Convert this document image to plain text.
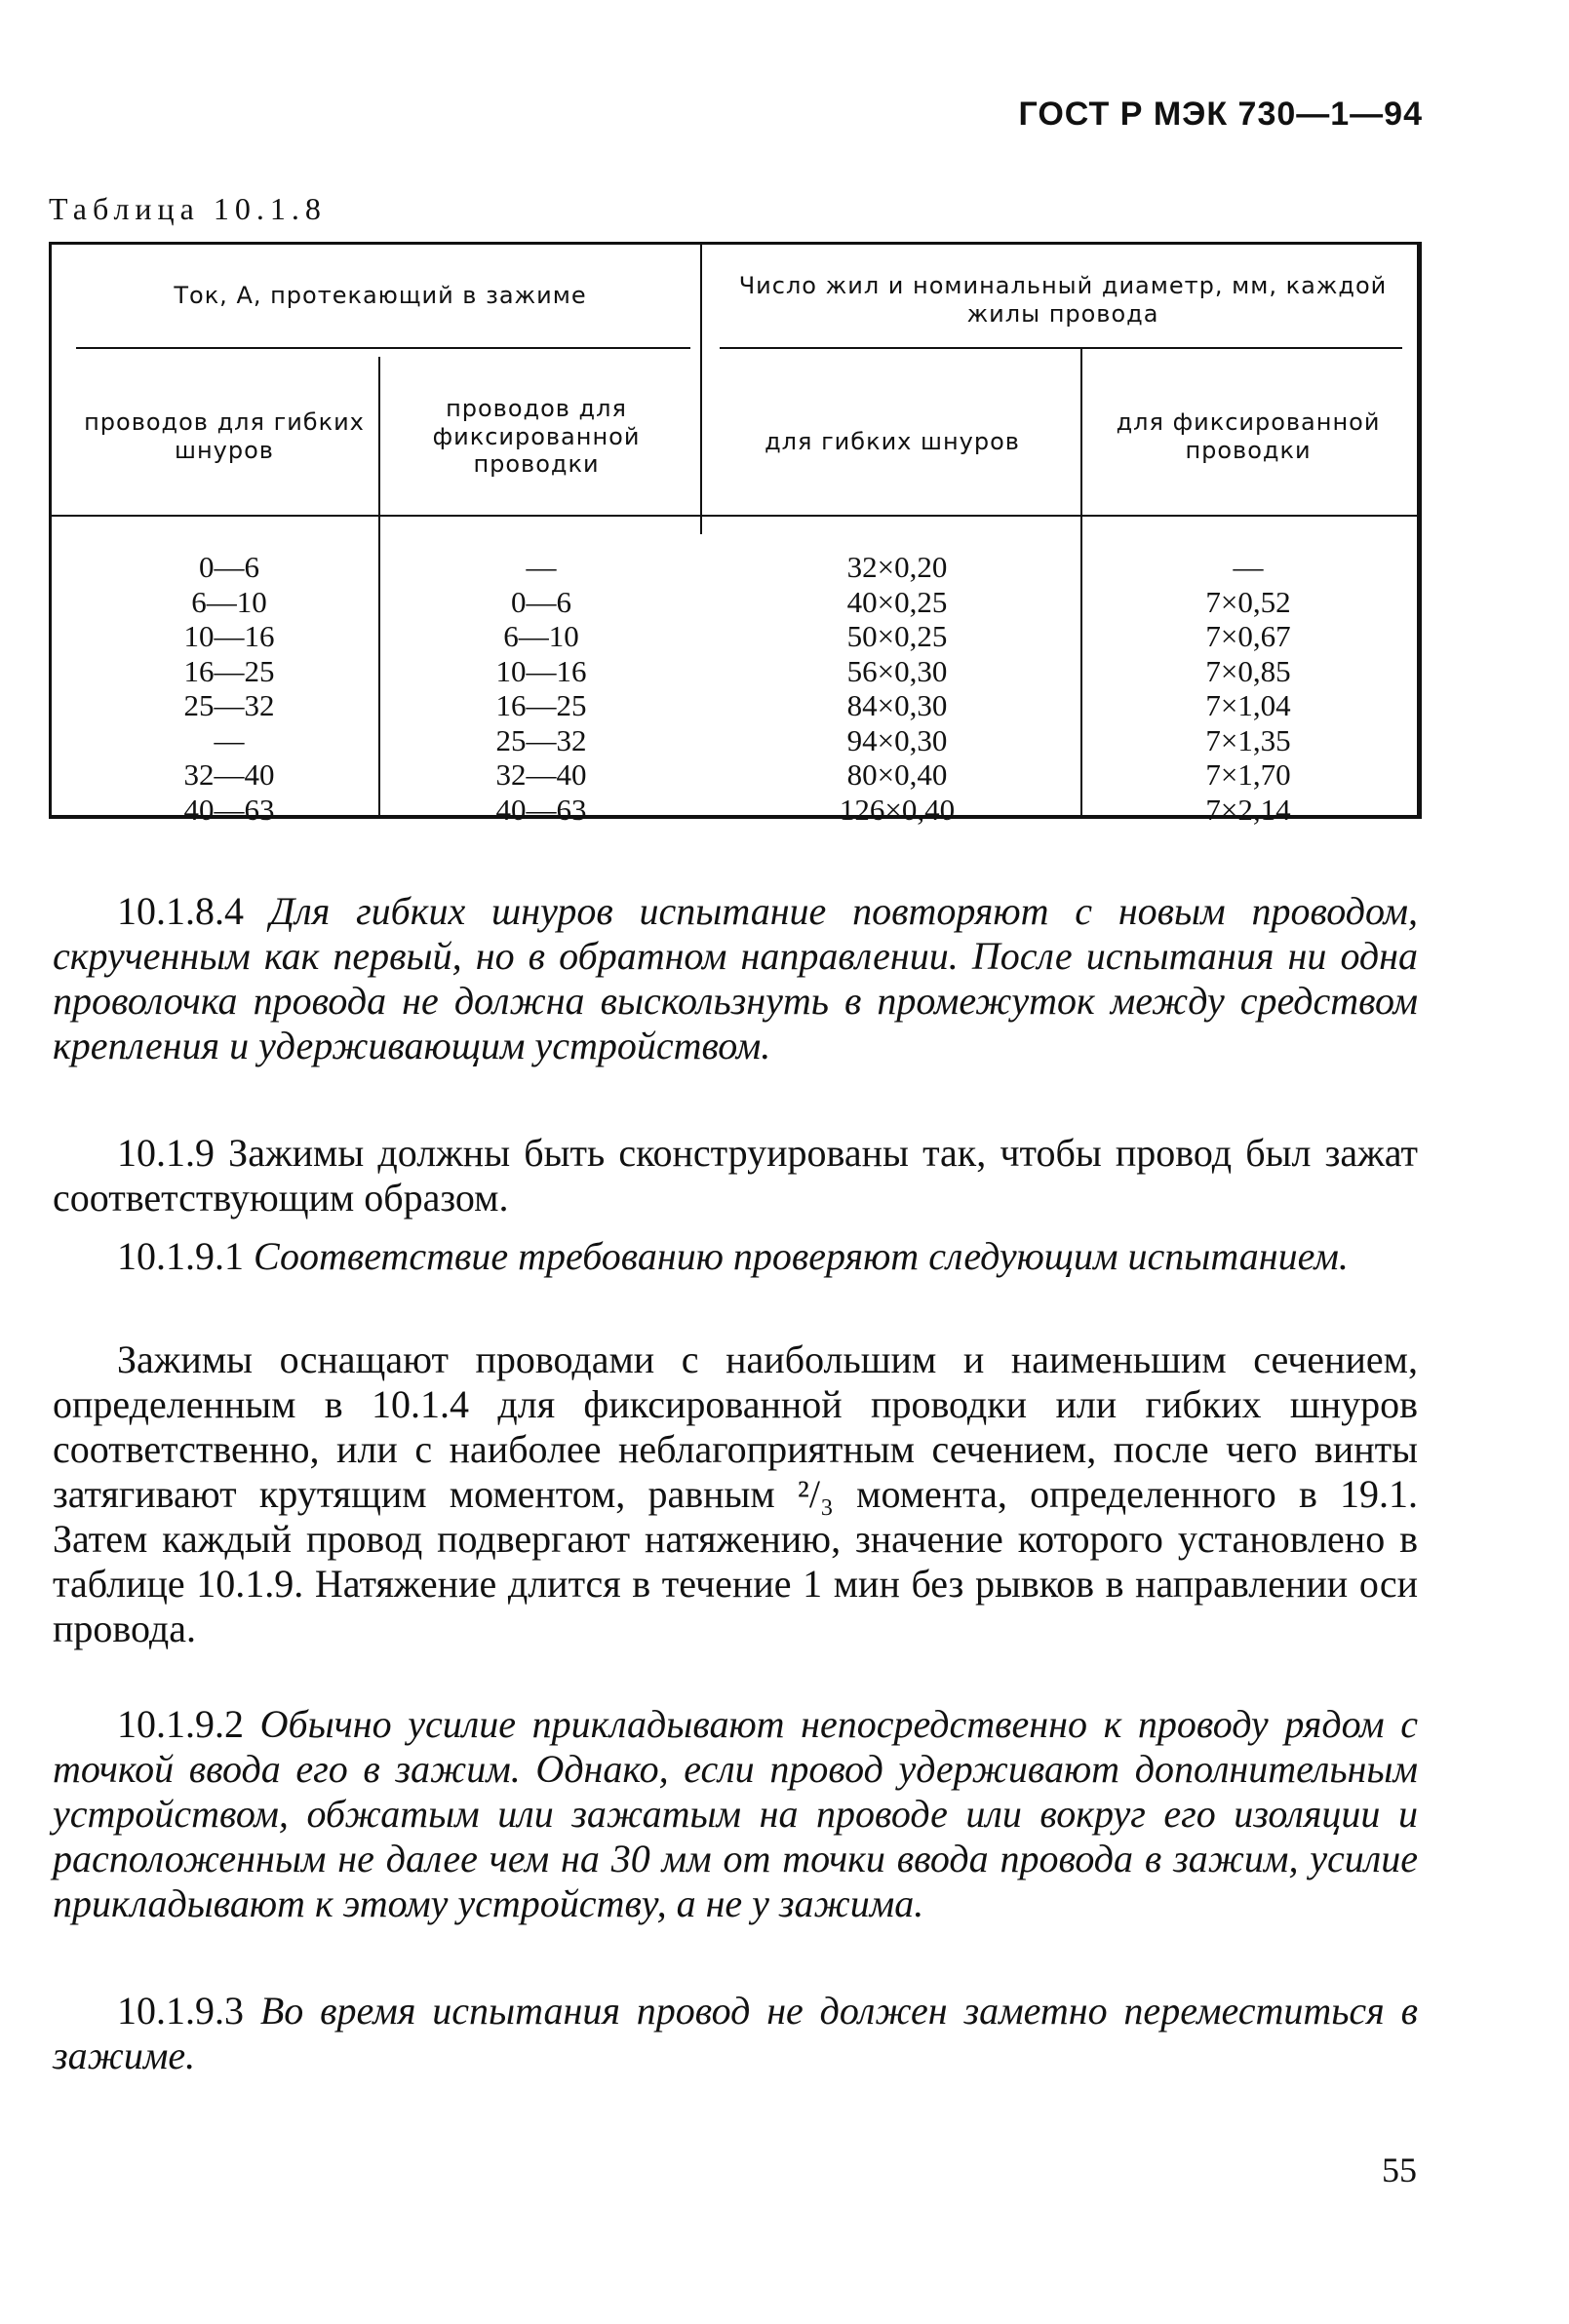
ГОСТ Р МЭК 730—1—94
Таблица 10.1.8
Ток, А, протекающий в зажиме	Число жил и номинальный диаметр, мм, каждой жилы провода
проводов для гибких шнуров
проводов для фиксированной проводки
для гибких шнуров
для фиксированной проводки
0—6
6—10
10—16
16—25
25—32
—
32—40
40—63
—
0—6
6—10
10—16
16—25
25—32
32—40
40—63
32×0,20
40×0,25
50×0,25
56×0,30
84×0,30
94×0,30
80×0,40
126×0,40
—
7×0,52
7×0,67
7×0,85
7×1,04
7×1,35
7×1,70
7×2,14
10.1.8.4 Для гибких шнуров испытание повторяют с новым проводом, скрученным как первый, но в обратном направлении. После испытания ни одна проволочка провода не должна выскользнуть в промежуток между средством крепления и удерживающим устройством.
10.1.9 Зажимы должны быть сконструированы так, чтобы провод был зажат соответствующим образом.
10.1.9.1 Соответствие требованию проверяют следующим испытанием.
Зажимы оснащают проводами с наибольшим и наименьшим сечением, определенным в 10.1.4 для фиксированной проводки или гибких шнуров соответственно, или с наиболее неблагоприятным сечением, после чего винты затягивают крутящим моментом, равным ²/₃ момента, определенного в 19.1. Затем каждый провод подвергают натяжению, значение которого установлено в таблице 10.1.9. Натяжение длится в течение 1 мин без рывков в направлении оси провода.
10.1.9.2 Обычно усилие прикладывают непосредственно к проводу рядом с точкой ввода его в зажим. Однако, если провод удерживают дополнительным устройством, обжатым или зажатым на проводе или вокруг его изоляции и расположенным не далее чем на 30 мм от точки ввода провода в зажим, усилие прикладывают к этому устройству, а не у зажима.
10.1.9.3 Во время испытания провод не должен заметно переместиться в зажиме.
55
